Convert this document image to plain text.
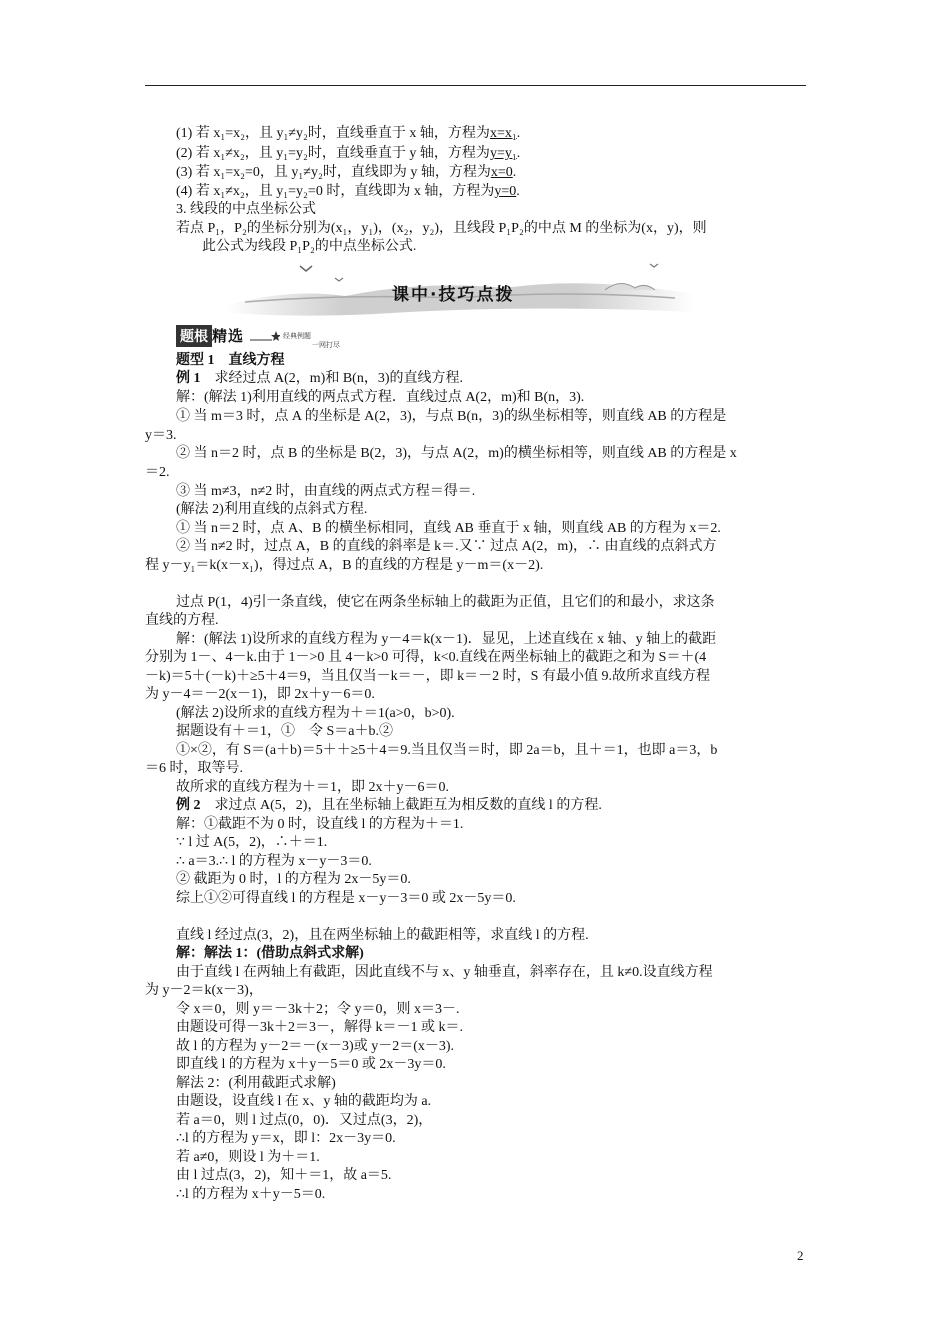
(1) 若 x₁=x₂，且 y₁≠y₂时，直线垂直于 x 轴，方程为x=x₁.
(2) 若 x₁≠x₂，且 y₁=y₂时，直线垂直于 y 轴，方程为y=y₁.
(3) 若 x₁=x₂=0，且 y₁≠y₂时，直线即为 y 轴，方程为x=0.
(4) 若 x₁≠x₂，且 y₁=y₂=0 时，直线即为 x 轴，方程为y=0.
3. 线段的中点坐标公式
若点 P₁，P₂的坐标分别为(x₁，y₁)，(x₂，y₂)，且线段 P₁P₂的中点 M 的坐标为(x，y)，则
此公式为线段 P₁P₂的中点坐标公式.
课中·技巧点拨
题根 精选	经典例题
一网打尽
题型 1　直线方程
例 1　 求经过点 A(2，m)和 B(n，3)的直线方程.
解：(解法 1)利用直线的两点式方程．直线过点 A(2，m)和 B(n，3).
① 当 m＝3 时，点 A 的坐标是 A(2，3)，与点 B(n，3)的纵坐标相等，则直线 AB 的方程是
y＝3.
② 当 n＝2 时，点 B 的坐标是 B(2，3)，与点 A(2，m)的横坐标相等，则直线 AB 的方程是 x
＝2.
③ 当 m≠3，n≠2 时，由直线的两点式方程＝得＝.
(解法 2)利用直线的点斜式方程.
① 当 n＝2 时，点 A、B 的横坐标相同，直线 AB 垂直于 x 轴，则直线 AB 的方程为 x＝2.
② 当 n≠2 时，过点 A，B 的直线的斜率是 k＝.又∵ 过点 A(2，m)，∴ 由直线的点斜式方
程 y－y₁＝k(x－x₁)，得过点 A，B 的直线的方程是 y－m＝(x－2).
过点 P(1，4)引一条直线，使它在两条坐标轴上的截距为正值，且它们的和最小，求这条
直线的方程.
解：(解法 1)设所求的直线方程为 y－4＝k(x－1)．显见，上述直线在 x 轴、y 轴上的截距
分别为 1－、4－k.由于 1－>0 且 4－k>0 可得，k<0.直线在两坐标轴上的截距之和为 S＝＋(4
－k)＝5＋(－k)＋≥5＋4＝9，当且仅当－k＝－，即 k＝－2 时，S 有最小值 9.故所求直线方程
为 y－4＝－2(x－1)，即 2x＋y－6＝0.
(解法 2)设所求的直线方程为＋＝1(a>0，b>0).
据题设有＋＝1，①　令 S＝a＋b.②
①×②，有 S＝(a＋b)＝5＋＋≥5＋4＝9.当且仅当＝时，即 2a＝b，且＋＝1，也即 a＝3，b
＝6 时，取等号.
故所求的直线方程为＋＝1，即 2x＋y－6＝0.
例 2　 求过点 A(5，2)，且在坐标轴上截距互为相反数的直线 l 的方程.
解：①截距不为 0 时，设直线 l 的方程为＋＝1.
∵ l 过 A(5，2)，∴＋＝1.
∴ a＝3.∴ l 的方程为 x－y－3＝0.
② 截距为 0 时，l 的方程为 2x－5y＝0.
综上①②可得直线 l 的方程是 x－y－3＝0 或 2x－5y＝0.
直线 l 经过点(3，2)，且在两坐标轴上的截距相等，求直线 l 的方程.
解：解法 1：(借助点斜式求解)
由于直线 l 在两轴上有截距，因此直线不与 x、y 轴垂直，斜率存在，且 k≠0.设直线方程
为 y－2＝k(x－3)，
令 x＝0，则 y＝－3k＋2；令 y＝0，则 x＝3－.
由题设可得－3k＋2＝3－，解得 k＝－1 或 k＝.
故 l 的方程为 y－2＝－(x－3)或 y－2＝(x－3).
即直线 l 的方程为 x＋y－5＝0 或 2x－3y＝0.
解法 2：(利用截距式求解)
由题设，设直线 l 在 x、y 轴的截距均为 a.
若 a＝0，则 l 过点(0，0)．又过点(3，2)，
∴l 的方程为 y＝x，即 l：2x－3y＝0.
若 a≠0，则设 l 为＋＝1.
由 l 过点(3，2)，知＋＝1，故 a＝5.
∴l 的方程为 x＋y－5＝0.
2
